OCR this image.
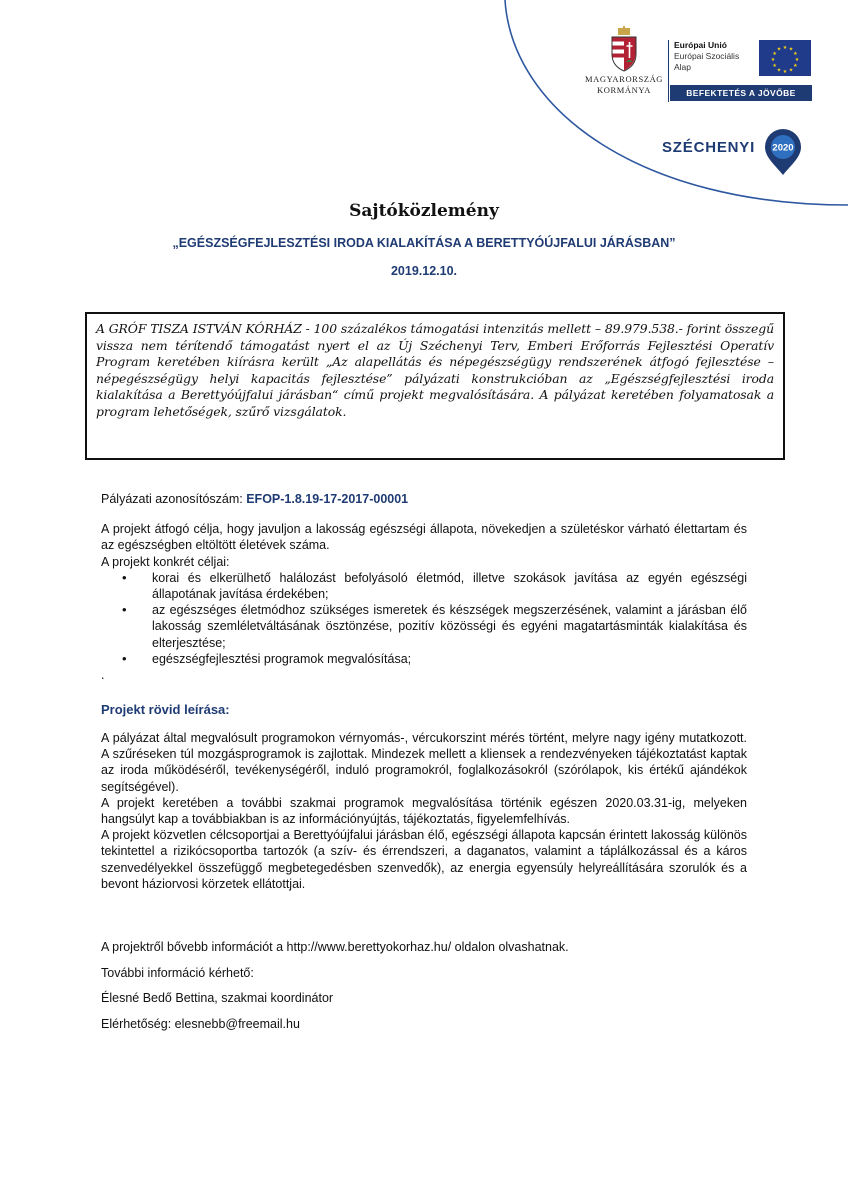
MAGYARORSZÁG
KORMÁNYA
Európai Unió
Európai Szociális
Alap
★ ★
★
★
★
★
★
★
★
★
★
★
BEFEKTETÉS A JÖVŐBE
SZÉCHENYI 2020
Sajtóközlemény
„EGÉSZSÉGFEJLESZTÉSI IRODA KIALAKÍTÁSA A BERETTYÓÚJFALUI JÁRÁSBAN”
2019.12.10.

A GRÓF TISZA ISTVÁN KÓRHÁZ - 100 százalékos támogatási intenzitás mellett – 89.979.538.- forint összegű vissza nem térítendő támogatást nyert el az Új Széchenyi Terv, Emberi Erőforrás Fejlesztési Operatív Program keretében kiírásra került „Az alapellátás és népegészségügy rendszerének átfogó fejlesztése – népegészségügy helyi kapacitás fejlesztése” pályázati konstrukcióban az „Egészségfejlesztési iroda kialakítása a Berettyóújfalui járásban“ című projekt megvalósítására. A pályázat keretében folyamatosak a program lehetőségek, szűrő vizsgálatok.

Pályázati azonosítószám: EFOP-1.8.19-17-2017-00001

A projekt átfogó célja, hogy javuljon a lakosság egészségi állapota, növekedjen a születéskor várható élettartam és az egészségben eltöltött életévek száma.

A projekt konkrét céljai:

• korai és elkerülhető halálozást befolyásoló életmód, illetve szokások javítása az egyén egészségi állapotának javítása érdekében;
• az egészséges életmódhoz szükséges ismeretek és készségek megszerzésének, valamint a járásban élő lakosság szemléletváltásának ösztönzése, pozitív közösségi és egyéni magatartásminták kialakítása és elterjesztése;
• egészségfejlesztési programok megvalósítása;

.

Projekt rövid leírása:

A pályázat által megvalósult programokon vérnyomás-, vércukorszint mérés történt, melyre nagy igény mutatkozott. A szűréseken túl mozgásprogramok is zajlottak. Mindezek mellett a kliensek a rendezvényeken tájékoztatást kaptak az iroda működéséről, tevékenységéről, induló programokról, foglalkozásokról (szórólapok, kis értékű ajándékok segítségével).

A projekt keretében a további szakmai programok megvalósítása történik egészen 2020.03.31-ig, melyeken hangsúlyt kap a továbbiakban is az információnyújtás, tájékoztatás, figyelemfelhívás.

A projekt közvetlen célcsoportjai a Berettyóújfalui járásban élő, egészségi állapota kapcsán érintett lakosság különös tekintettel a rizikócsoportba tartozók (a szív- és érrendszeri, a daganatos, valamint a táplálkozással és a káros szenvedélyekkel összefüggő megbetegedésben szenvedők), az energia egyensúly helyreállítására szorulók és a bevont háziorvosi körzetek ellátottjai.

A projektről bővebb információt a http://www.berettyokorhaz.hu/ oldalon olvashatnak.

További információ kérhető:

Élesné Bedő Bettina, szakmai koordinátor

Elérhetőség: elesnebb@freemail.hu
